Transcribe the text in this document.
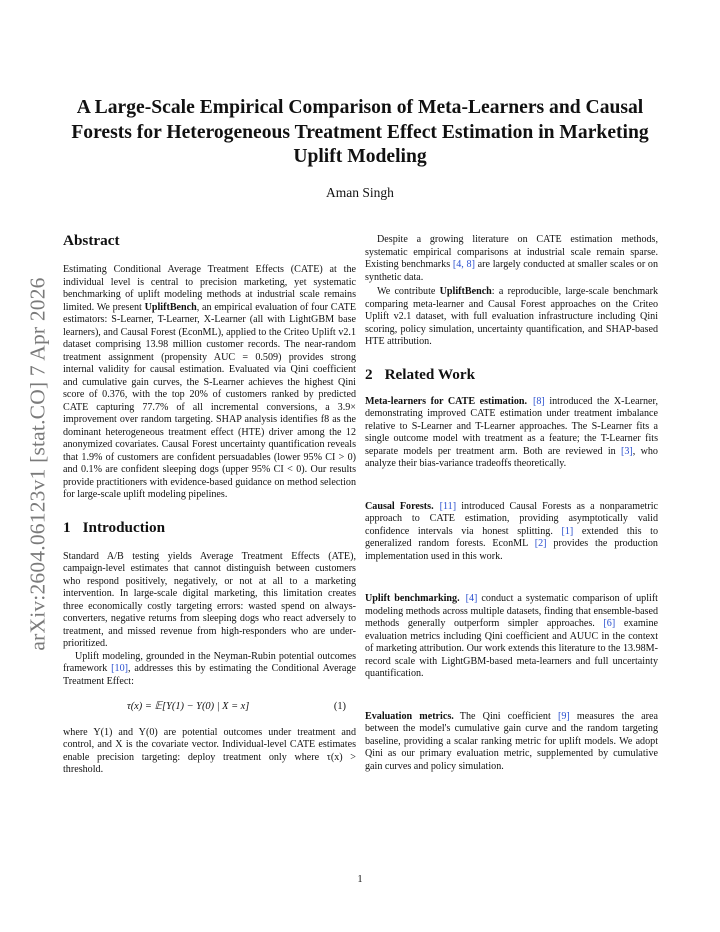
arXiv:2604.06123v1 [stat.CO] 7 Apr 2026
A Large-Scale Empirical Comparison of Meta-Learners and Causal Forests for Heterogeneous Treatment Effect Estimation in Marketing Uplift Modeling
Aman Singh
Abstract

Estimating Conditional Average Treatment Effects (CATE) at the individual level is central to precision marketing, yet systematic benchmarking of uplift modeling methods at industrial scale remains limited. We present UpliftBench, an empirical evaluation of four CATE estimators: S-Learner, T-Learner, X-Learner (all with LightGBM base learners), and Causal Forest (EconML), applied to the Criteo Uplift v2.1 dataset comprising 13.98 million customer records. The near-random treatment assignment (propensity AUC = 0.509) provides strong internal validity for causal estimation. Evaluated via Qini coefficient and cumulative gain curves, the S-Learner achieves the highest Qini score of 0.376, with the top 20% of customers ranked by predicted CATE capturing 77.7% of all incremental conversions, a 3.9× improvement over random targeting. SHAP analysis identifies f8 as the dominant heterogeneous treatment effect (HTE) driver among the 12 anonymized covariates. Causal Forest uncertainty quantification reveals that 1.9% of customers are confident persuadables (lower 95% CI > 0) and 0.1% are confident sleeping dogs (upper 95% CI < 0). Our results provide practitioners with evidence-based guidance on method selection for large-scale uplift modeling pipelines.

1 Introduction

Standard A/B testing yields Average Treatment Effects (ATE), campaign-level estimates that cannot distinguish between customers who respond positively, negatively, or not at all to a marketing intervention. In large-scale digital marketing, this limitation creates three economically costly targeting errors: wasted spend on always-converters, negative returns from sleeping dogs who react adversely to treatment, and missed revenue from high-responders who are under-prioritized.

Uplift modeling, grounded in the Neyman-Rubin potential outcomes framework [10], addresses this by estimating the Conditional Average Treatment Effect:

τ(x) = 𝔼[Y(1) − Y(0) | X = x]	(1)

where Y(1) and Y(0) are potential outcomes under treatment and control, and X is the covariate vector. Individual-level CATE estimates enable precision targeting: deploy treatment only where τ(x) > threshold.

Despite a growing literature on CATE estimation methods, systematic empirical comparisons at industrial scale remain sparse. Existing benchmarks [4, 8] are largely conducted at smaller scales or on synthetic data.

We contribute UpliftBench: a reproducible, large-scale benchmark comparing meta-learner and Causal Forest approaches on the Criteo Uplift v2.1 dataset, with full evaluation infrastructure including Qini scoring, policy simulation, uncertainty quantification, and SHAP-based HTE attribution.

2 Related Work

Meta-learners for CATE estimation. [8] introduced the X-Learner, demonstrating improved CATE estimation under treatment imbalance relative to S-Learner and T-Learner approaches. The S-Learner fits a single outcome model with treatment as a feature; the T-Learner fits separate models per treatment arm. Both are reviewed in [3], who analyze their bias-variance tradeoffs theoretically.

Causal Forests. [11] introduced Causal Forests as a nonparametric approach to CATE estimation, providing asymptotically valid confidence intervals via honest splitting. [1] extended this to generalized random forests. EconML [2] provides the production implementation used in this work.

Uplift benchmarking. [4] conduct a systematic comparison of uplift modeling methods across multiple datasets, finding that ensemble-based methods generally outperform simpler approaches. [6] examine evaluation metrics including Qini coefficient and AUUC in the context of marketing attribution. Our work extends this literature to the 13.98M-record scale with LightGBM-based meta-learners and full uncertainty quantification.

Evaluation metrics. The Qini coefficient [9] measures the area between the model's cumulative gain curve and the random targeting baseline, providing a scalar ranking metric for uplift models. We adopt Qini as our primary evaluation metric, supplemented by cumulative gain curves and policy simulation.

1
